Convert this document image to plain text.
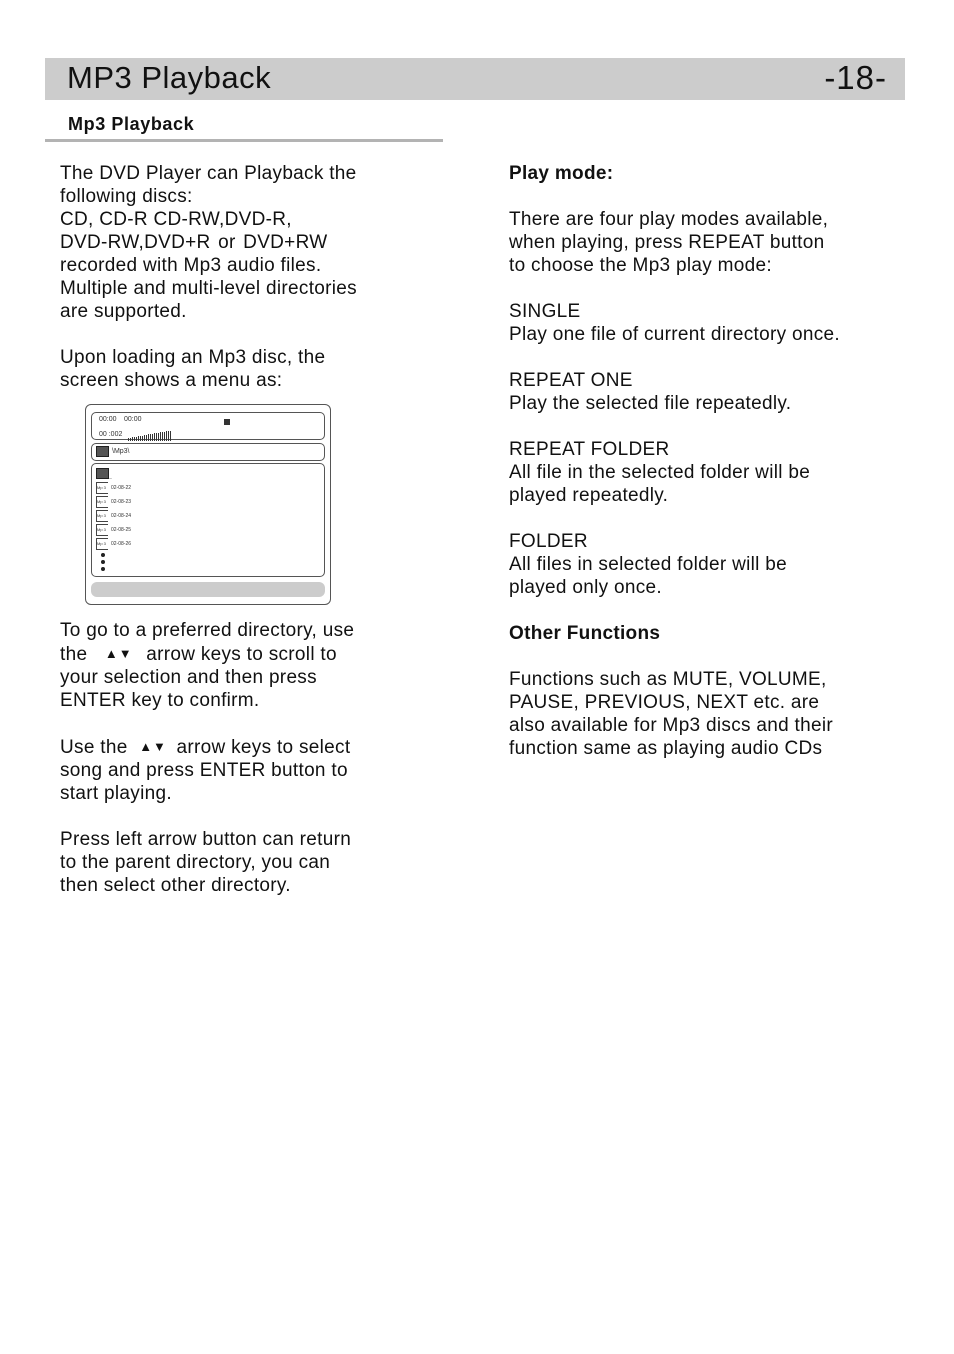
MP3 Playback	-18-
Mp3 Playback

The DVD Player can Playback the

following discs:

CD, CD-R CD-RW,DVD-R,

DVD-RW,DVD+R or DVD+RW

recorded with Mp3 audio files.

Multiple and multi-level directories

are supported.

Upon loading an Mp3 disc, the

screen shows a menu as:

00:00 00:00
00 :002
\Mp3\
..
Mp 3 02-08-22
Mp 3 02-08-23
Mp 3 02-08-24
Mp 3 02-08-25
Mp 3 02-08-26

To go to a preferred directory, use

the ▲▼ arrow keys to scroll to

your selection and then press

ENTER key to confirm.

Use the ▲▼ arrow keys to select

song and press ENTER button to

start playing.

Press left arrow button can return

to the parent directory, you can

then select other directory.

Play mode:

There are four play modes available,

when playing, press REPEAT button

to choose the Mp3 play mode:

SINGLE

Play one file of current directory once.

REPEAT ONE

Play the selected file repeatedly.

REPEAT FOLDER

All file in the selected folder will be

played repeatedly.

FOLDER

All files in selected folder will be

played only once.

Other Functions

Functions such as MUTE, VOLUME,

PAUSE, PREVIOUS, NEXT etc. are

also available for Mp3 discs and their

function same as playing audio CDs
